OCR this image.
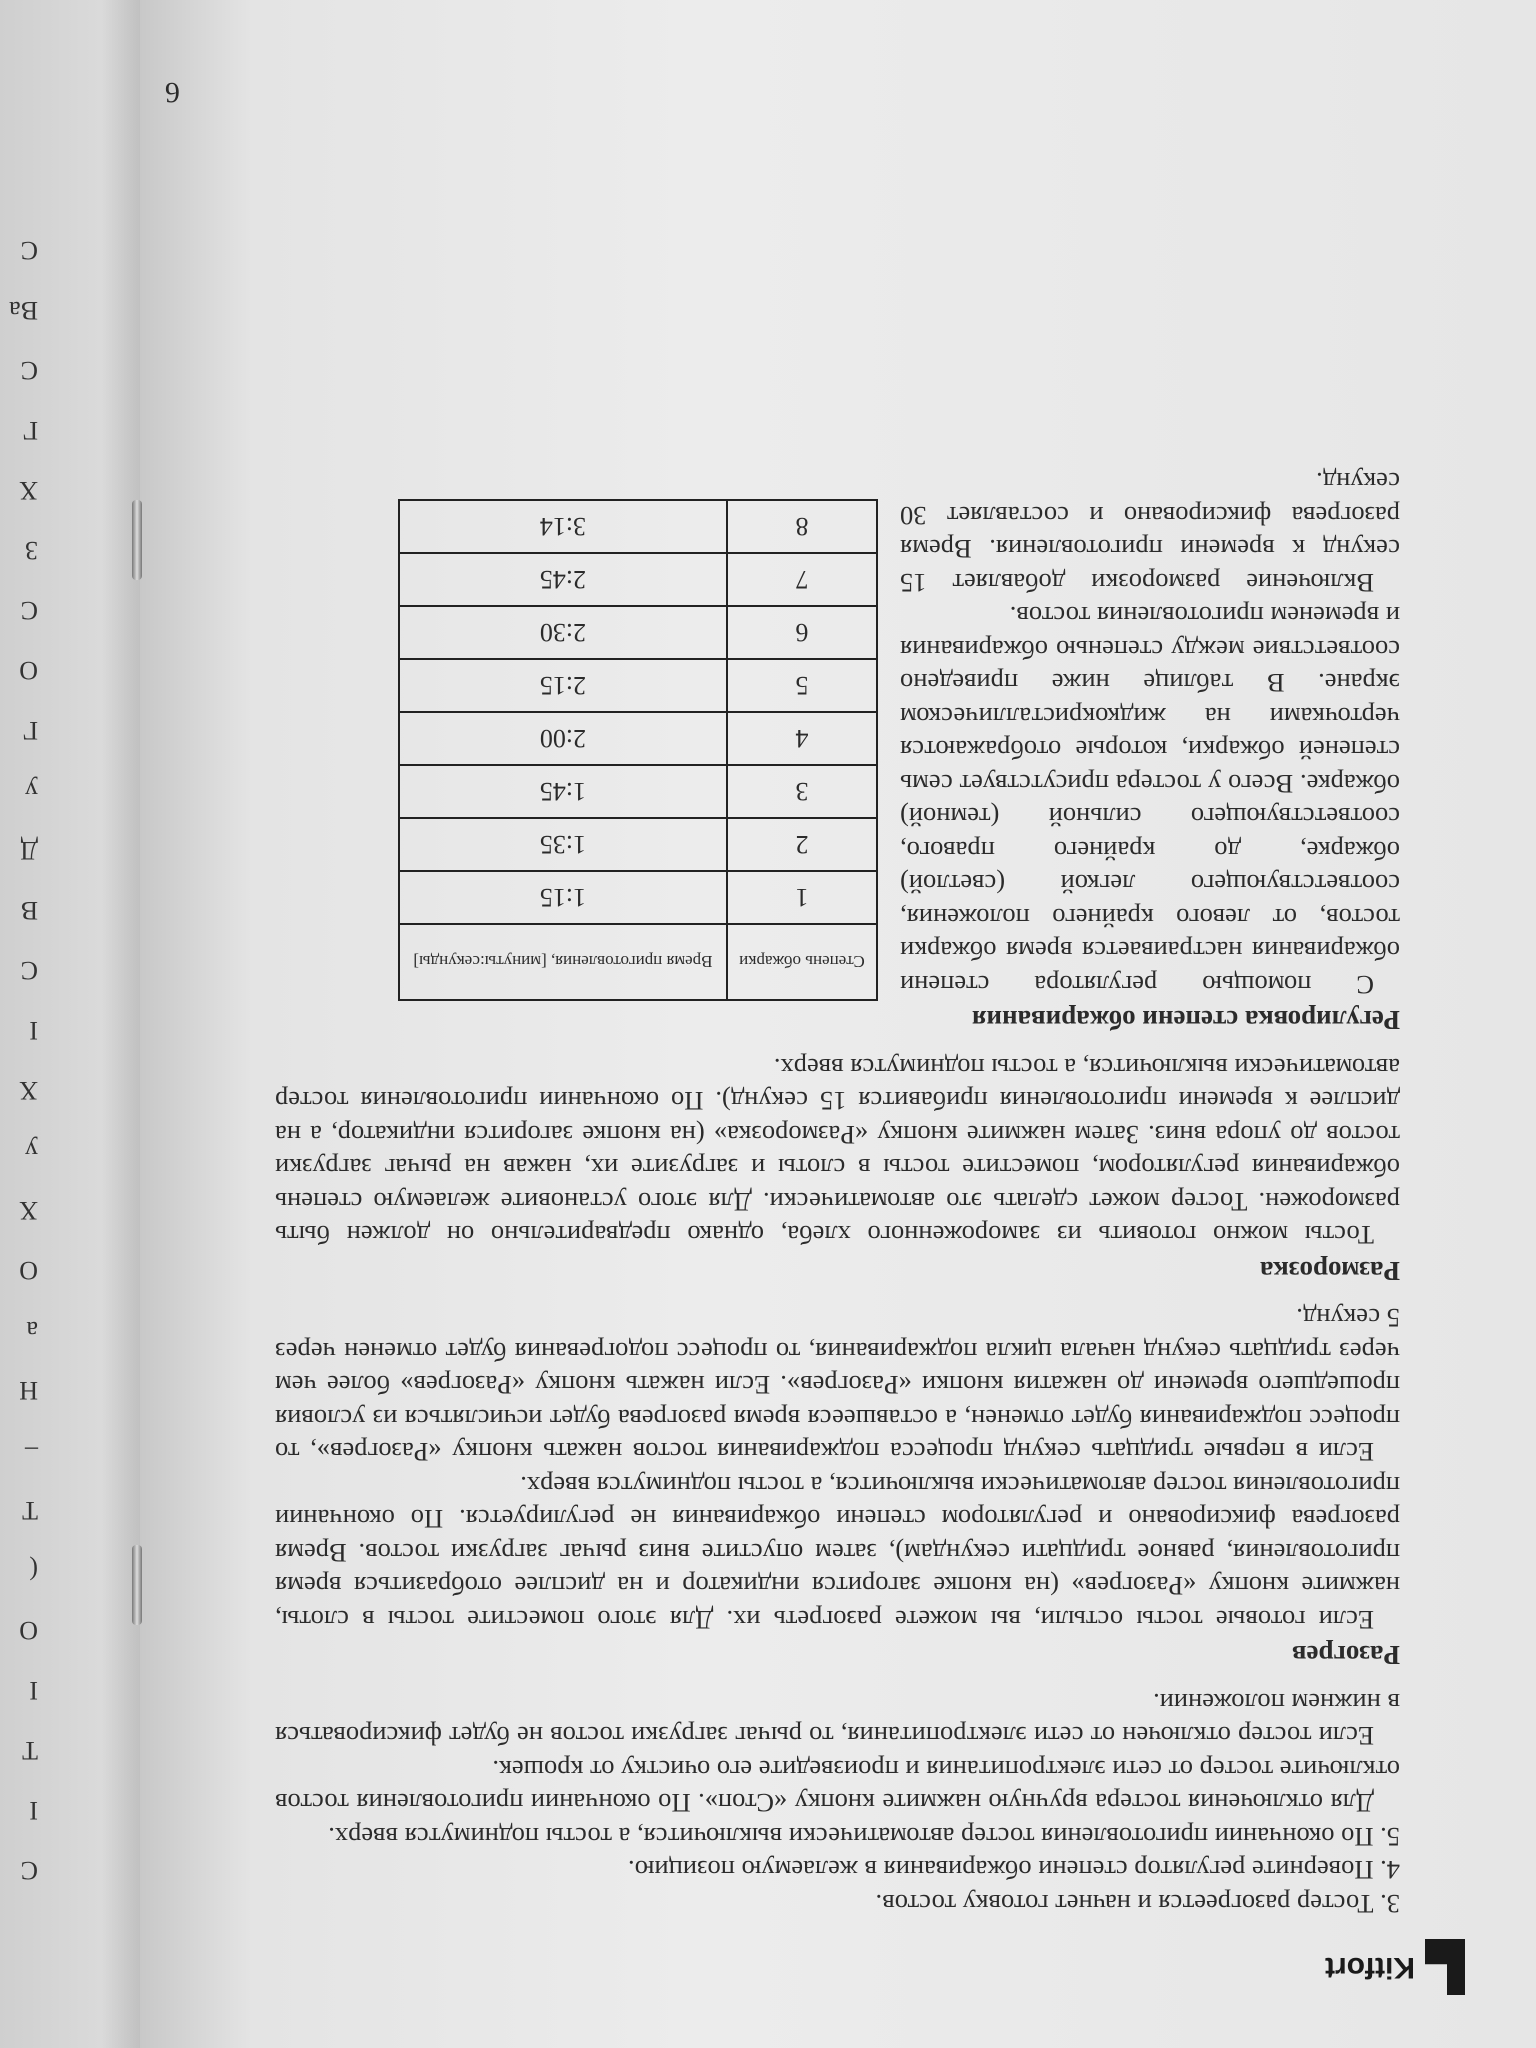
C
I
T
I
O
(
T
–
H
a
O
X
y
X
I
C
B
Д
y
Г
O
C
3
X
Г
C
Ba
C
Kitfort

3. Тостер разогреется и начнет готовку тостов.

4. Поверните регулятор степени обжаривания в желаемую позицию.

5. По окончании приготовления тостер автоматически выключится, а тосты поднимутся вверх.

Для отключения тостера вручную нажмите кнопку «Стоп». По окончании приготовления тостов отключите тостер от сети электропитания и произведите его очистку от крошек.

Если тостер отключен от сети электропитания, то рычаг загрузки тостов не будет фиксироваться в нижнем положении.

Разогрев

Если готовые тосты остыли, вы можете разогреть их. Для этого поместите тосты в слоты, нажмите кнопку «Разогрев» (на кнопке загорится индикатор и на дисплее отобразиться время приготовления, равное тридцати секундам), затем опустите вниз рычаг загрузки тостов. Время разогрева фиксировано и регулятором степени обжаривания не регулируется. По окончании приготовления тостер автоматически выключится, а тосты поднимутся вверх.

Если в первые тридцать секунд процесса поджаривания тостов нажать кнопку «Разогрев», то процесс поджаривания будет отменен, а оставшееся время разогрева будет исчисляться из условия прошедшего времени до нажатия кнопки «Разогрев». Если нажать кнопку «Разогрев» более чем через тридцать секунд начала цикла поджаривания, то процесс подогревания будет отменен через 5 секунд.

Разморозка

Тосты можно готовить из замороженного хлеба, однако предварительно он должен быть разморожен. Тостер может сделать это автоматически. Для этого установите желаемую степень обжаривания регулятором, поместите тосты в слоты и загрузите их, нажав на рычаг загрузки тостов до упора вниз. Затем нажмите кнопку «Разморозка» (на кнопке загорится индикатор, а на дисплее к времени приготовления прибавится 15 секунд). По окончании приготовления тостер автоматически выключится, а тосты поднимутся вверх.

Регулировка степени обжаривания

С помощью регулятора степени обжаривания настраивается время обжарки тостов, от левого крайнего положения, соответствующего легкой (светлой) обжарке, до крайнего правого, соответствующего сильной (темной) обжарке. Всего у тостера присутствует семь степеней обжарки, которые отображаются черточками на жидкокристаллическом экране. В таблице ниже приведено соответствие между степенью обжаривания и временем приготовления тостов.

Включение разморозки добавляет 15 секунд к времени приготовления. Время разогрева фиксировано и составляет 30 секунд.

Степень обжарки	Время приготовления, [минуты:секунды]
1	1:15
2	1:35
3	1:45
4	2:00
5	2:15
6	2:30
7	2:45
8	3:14
6
